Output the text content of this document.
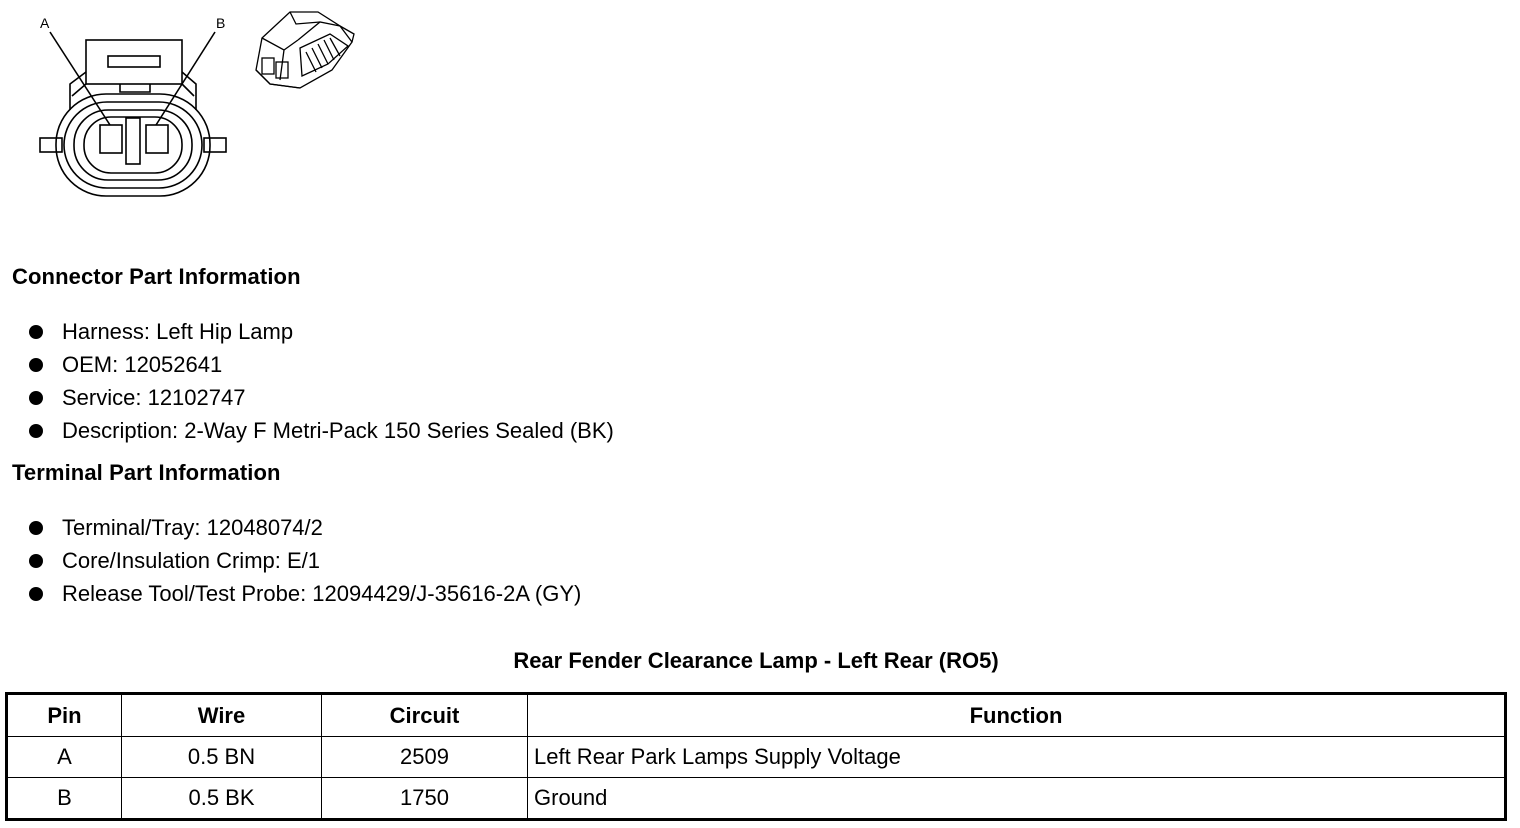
A	B
Connector Part Information
Harness: Left Hip Lamp
OEM: 12052641
Service: 12102747
Description: 2-Way F Metri-Pack 150 Series Sealed (BK)
Terminal Part Information
Terminal/Tray: 12048074/2
Core/Insulation Crimp: E/1
Release Tool/Test Probe: 12094429/J-35616-2A (GY)
Rear Fender Clearance Lamp - Left Rear (RO5)
Pin	Wire	Circuit	Function
A	0.5 BN	2509	Left Rear Park Lamps Supply Voltage
B	0.5 BK	1750	Ground
